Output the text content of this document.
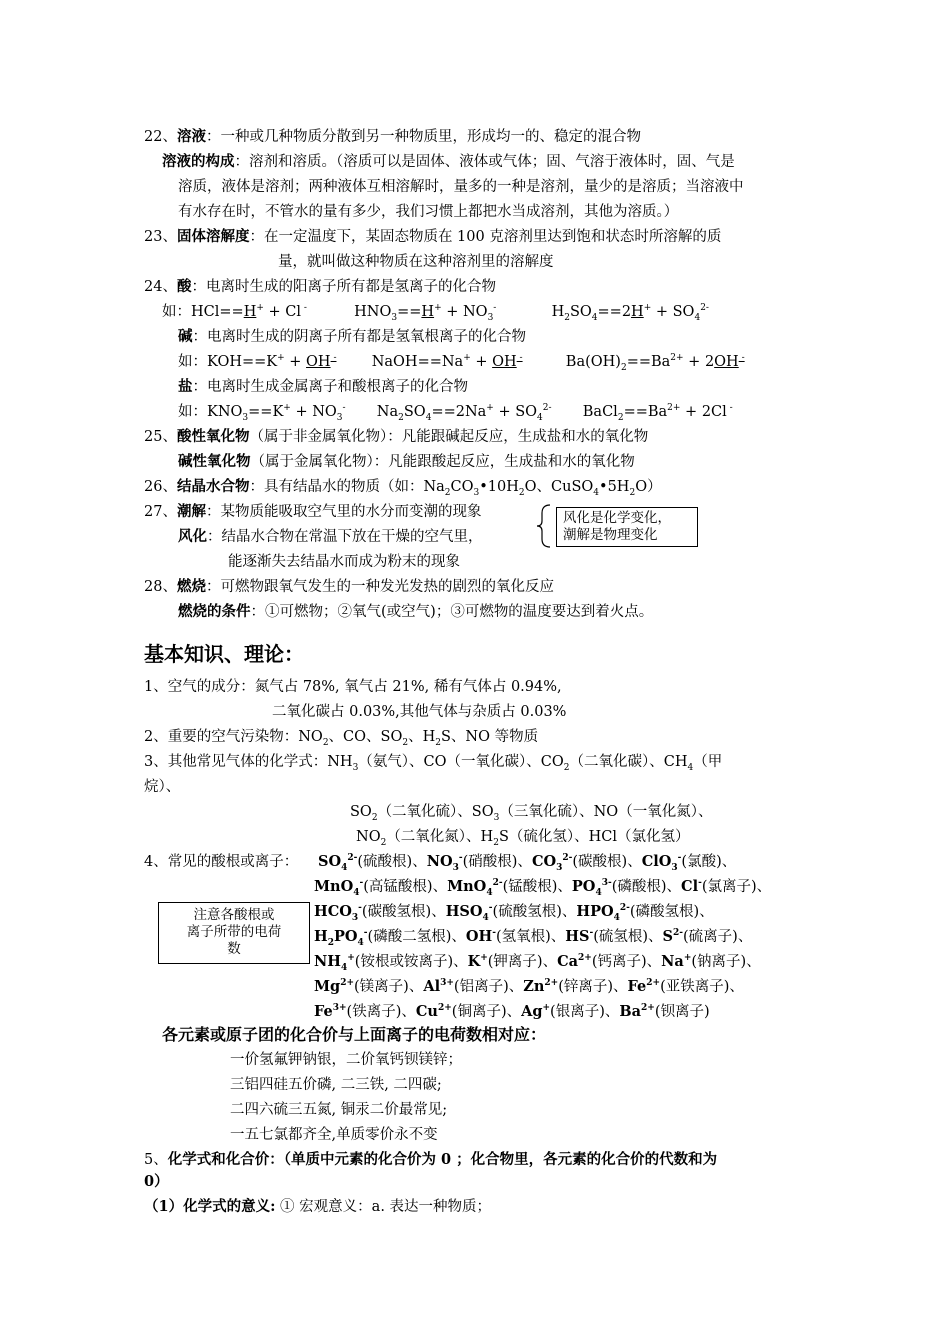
22、溶液：一种或几种物质分散到另一种物质里，形成均一的、稳定的混合物
溶液的构成：溶剂和溶质。（溶质可以是固体、液体或气体；固、气溶于液体时，固、气是
溶质，液体是溶剂；两种液体互相溶解时，量多的一种是溶剂，量少的是溶质；当溶液中
有水存在时，不管水的量有多少，我们习惯上都把水当成溶剂，其他为溶质。）
23、固体溶解度：在一定温度下，某固态物质在 100 克溶剂里达到饱和状态时所溶解的质
量，就叫做这种物质在这种溶剂里的溶解度
24、酸：电离时生成的阳离子所有都是氢离子的化合物
如：HCl==H+ + Cl -	$HNO_3==H^+ + NO_3^-$	$H_2SO_4==2H^+ + SO_4^{2-}$
碱：电离时生成的阴离子所有都是氢氧根离子的化合物
如：KOH==K+ + OH - NaOH==Na+ + OH -	$Ba(OH)_2==Ba^{2+} + 2OH$ -
盐：电离时生成金属离子和酸根离子的化合物
如：$KNO_3==K^+ + NO_3^-$ $Na_2SO_4==2Na^+ + SO_4^{2-}$ $BaCl_2==Ba^{2+} + 2Cl$ -
25、酸性氧化物（属于非金属氧化物）：凡能跟碱起反应，生成盐和水的氧化物
碱性氧化物（属于金属氧化物）：凡能跟酸起反应，生成盐和水的氧化物
26、结晶水合物：具有结晶水的物质（如：$Na_2CO_3•10H_2O$、$CuSO_4•5H_2O$）
27、潮解：某物质能吸取空气里的水分而变潮的现象
风化：结晶水合物在常温下放在干燥的空气里，
能逐渐失去结晶水而成为粉末的现象
风化是化学变化，
潮解是物理变化
28、燃烧：可燃物跟氧气发生的一种发光发热的剧烈的氧化反应
燃烧的条件：①可燃物；②氧气(或空气)；③可燃物的温度要达到着火点。
基本知识、理论：
1、空气的成分：氮气占 78%, 氧气占 21%, 稀有气体占 0.94%,
二氧化碳占 0.03%,其他气体与杂质占 0.03%
2、重要的空气污染物：$NO_2$、CO、$SO_2$、$H_2S$、NO 等物质
3、其他常见气体的化学式：$NH_3$（氨气）、CO（一氧化碳）、$CO_2$（二氧化碳）、$CH_4$（甲
烷）、
$SO_2$（二氧化硫）、$SO_3$（三氧化硫）、NO（一氧化氮）、
$NO_2$（二氧化氮）、$H_2S$（硫化氢）、HCl（氯化氢）
4、常见的酸根或离子： $SO_4^{2-}$(硫酸根)、$NO_3^-$(硝酸根)、$CO_3^{2-}$(碳酸根)、ClO$_3$-(氯酸)、
MnO$_4$-(高锰酸根)、MnO$_4^{2-}$(锰酸根)、$PO_4^{3-}$(磷酸根)、Cl-(氯离子)、
$HCO_3^-$(碳酸氢根)、$HSO_4^-$(硫酸氢根)、$HPO_4^{2-}$(磷酸氢根)、
$H_2PO_4^-$(磷酸二氢根)、OH-(氢氧根)、HS-(硫氢根)、$S^{2-}$(硫离子)、
$NH_4^+$(铵根或铵离子)、K+(钾离子)、$Ca^{2+}$(钙离子)、Na+(钠离子)、
$Mg^{2+}$(镁离子)、$Al^{3+}$(铝离子)、$Zn^{2+}$(锌离子)、$Fe^{2+}$(亚铁离子)、
$Fe^{3+}$(铁离子)、$Cu^{2+}$(铜离子)、Ag+(银离子)、$Ba^{2+}$(钡离子)
注意各酸根或
离子所带的电荷
数
各元素或原子团的化合价与上面离子的电荷数相对应：
一价氢氟钾钠银，二价氧钙钡镁锌；
三铝四硅五价磷, 二三铁, 二四碳;
二四六硫三五氮, 铜汞二价最常见;
一五七氯都齐全,单质零价永不变
5、化学式和化合价：（单质中元素的化合价为 0 ；化合物里，各元素的化合价的代数和为
0）
（1）化学式的意义: ① 宏观意义：a. 表达一种物质；
